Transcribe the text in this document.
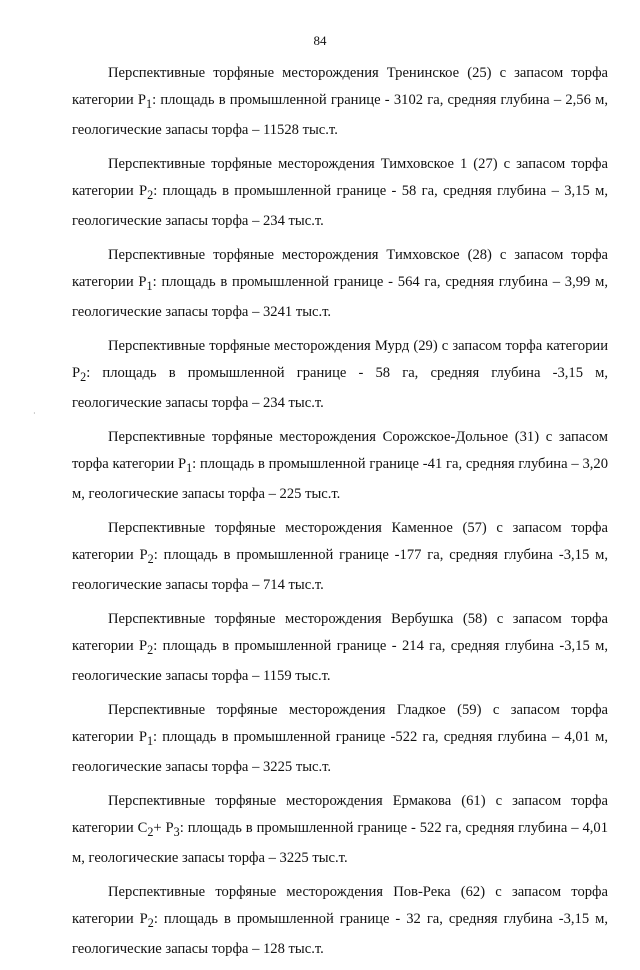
84
·

Перспективные торфяные месторождения Тренинское (25) с запасом торфа категории $Р_1$: площадь в промышленной границе - 3102 га, средняя глубина – 2,56 м, геологические запасы торфа – 11528 тыс.т.

Перспективные торфяные месторождения Тимховское 1 (27) с запасом торфа категории $Р_2$: площадь в промышленной границе - 58 га, средняя глубина – 3,15 м, геологические запасы торфа – 234 тыс.т.

Перспективные торфяные месторождения Тимховское (28) с запасом торфа категории $Р_1$: площадь в промышленной границе - 564 га, средняя глубина – 3,99 м, геологические запасы торфа – 3241 тыс.т.

Перспективные торфяные месторождения Мурд (29) с запасом торфа категории $Р_2$: площадь в промышленной границе - 58 га, средняя глубина -3,15 м, геологические запасы торфа – 234 тыс.т.

Перспективные торфяные месторождения Сорожское-Дольное (31) с запасом торфа категории $Р_1$: площадь в промышленной границе -41 га, средняя глубина – 3,20 м, геологические запасы торфа – 225 тыс.т.

Перспективные торфяные месторождения Каменное (57) с запасом торфа категории $Р_2$: площадь в промышленной границе -177 га, средняя глубина -3,15 м, геологические запасы торфа – 714 тыс.т.

Перспективные торфяные месторождения Вербушка (58) с запасом торфа категории $Р_2$: площадь в промышленной границе - 214 га, средняя глубина -3,15 м, геологические запасы торфа – 1159 тыс.т.

Перспективные торфяные месторождения Гладкое (59) с запасом торфа категории $Р_1$: площадь в промышленной границе -522 га, средняя глубина – 4,01 м, геологические запасы торфа – 3225 тыс.т.

Перспективные торфяные месторождения Ермакова (61) с запасом торфа категории $С_2+ Р_3$: площадь в промышленной границе - 522 га, средняя глубина – 4,01 м, геологические запасы торфа – 3225 тыс.т.

Перспективные торфяные месторождения Пов-Река (62) с запасом торфа категории $Р_2$: площадь в промышленной границе - 32 га, средняя глубина -3,15 м, геологические запасы торфа – 128 тыс.т.
